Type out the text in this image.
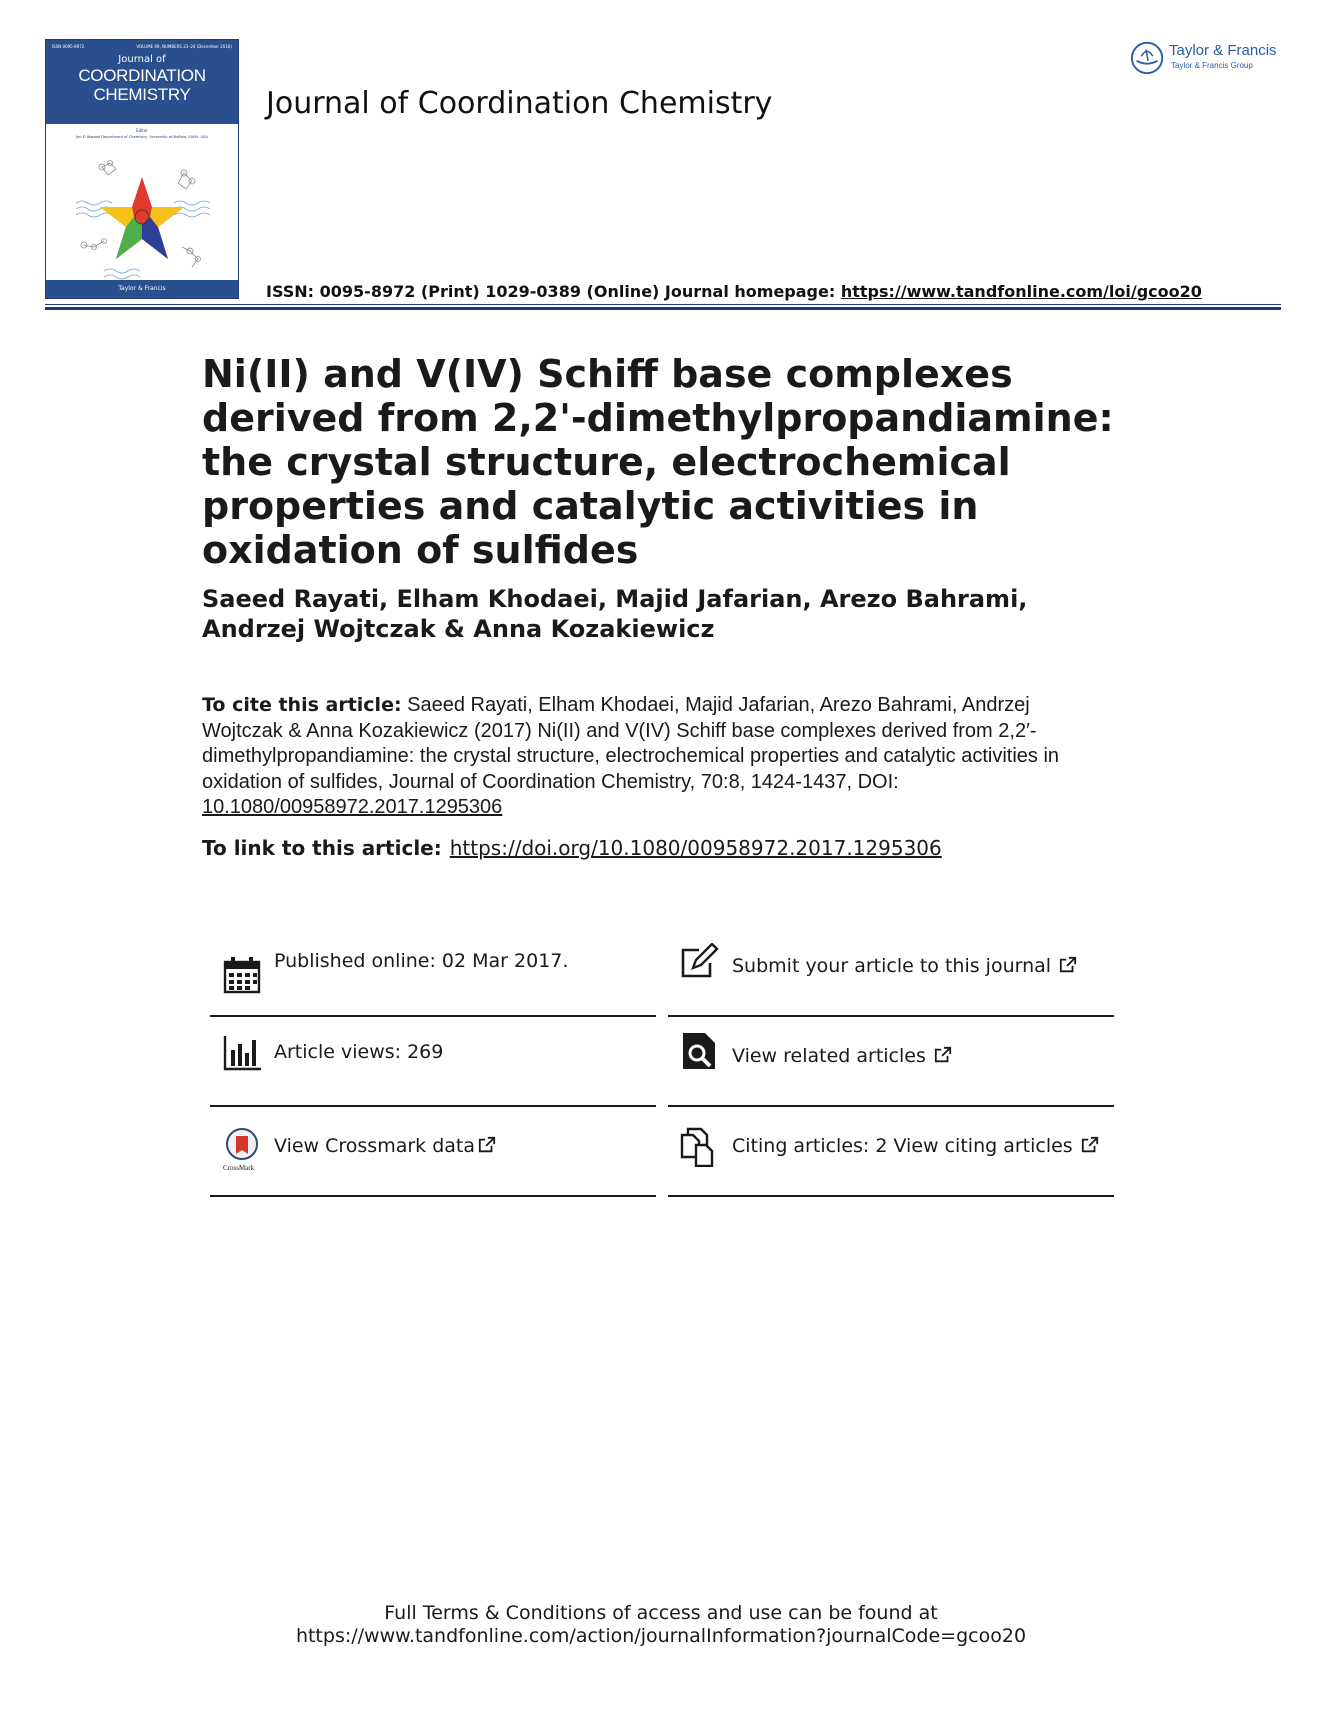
ISSN 0095-8972	VOLUME 69, NUMBERS 23–24 (December 2016)
Journal of
COORDINATION
CHEMISTRY
Editor
Jim D Atwood Department of Chemistry, University at Buffalo, SUNY, USA
Taylor & Francis
Journal of Coordination Chemistry
ISSN: 0095-8972 (Print) 1029-0389 (Online) Journal homepage: https://www.tandfonline.com/loi/gcoo20
Taylor & Francis
Taylor & Francis Group
Ni(II) and V(IV) Schiff base complexes derived from 2,2'-dimethylpropandiamine: the crystal structure, electrochemical properties and catalytic activities in oxidation of sulfides
Saeed Rayati, Elham Khodaei, Majid Jafarian, Arezo Bahrami, Andrzej Wojtczak & Anna Kozakiewicz
To cite this article: Saeed Rayati, Elham Khodaei, Majid Jafarian, Arezo Bahrami, Andrzej Wojtczak & Anna Kozakiewicz (2017) Ni(II) and V(IV) Schiff base complexes derived from 2,2′-dimethylpropandiamine: the crystal structure, electrochemical properties and catalytic activities in oxidation of sulfides, Journal of Coordination Chemistry, 70:8, 1424-1437, DOI: 10.1080/00958972.2017.1295306
To link to this article: https://doi.org/10.1080/00958972.2017.1295306
Published online: 02 Mar 2017.	Submit your article to this journal
Article views: 269	View related articles
CrossMark
View Crossmark data	Citing articles: 2 View citing articles
Full Terms & Conditions of access and use can be found at
https://www.tandfonline.com/action/journalInformation?journalCode=gcoo20
